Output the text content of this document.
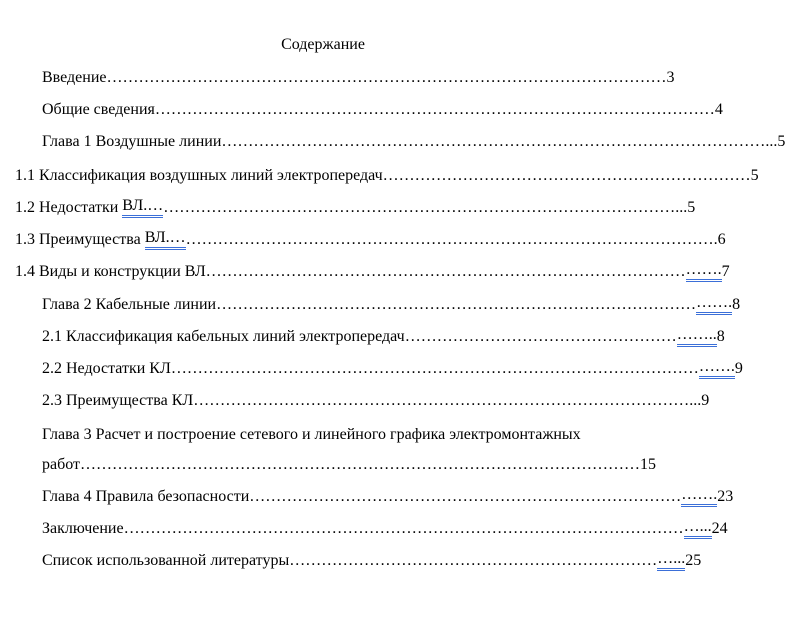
Содержание
Глава 3 Расчет и построение сетевого и линейного графика электромонтажных
Введение …………………………………………………………………………………………… 3
Общие сведения …………………………………………………………………………………………… 4
Глава 1 Воздушные линии …………………………………………………………………………………………... 5
1.1 Классификация воздушных линий электропередач …………………………………………………………… 5
1.2 Недостатки ВЛ.… ……………………………………………………………………………………... 5
1.3 Преимущества ВЛ.… ………………………………………………………………………………………. 6
1.4 Виды и конструкции ВЛ ……………………………………………………………………………… ……. 7
Глава 2 Кабельные линии ……………………………………………………………………………… ……. 8
2.1 Классификация кабельных линий электропередач …………………………………………… …….. 8
2.2 Недостатки КЛ ……………………………………………………………………………………… ……. 9
2.3 Преимущества КЛ …………………………………………………………………………………... 9
работ …………………………………………………………………………………………… 15
Глава 4 Правила безопасности ……………………………………………………………………… ……. 23
Заключение …………………………………………………………………………………………… …... 24
Список использованной литературы …………………………………………………………… …... 25
